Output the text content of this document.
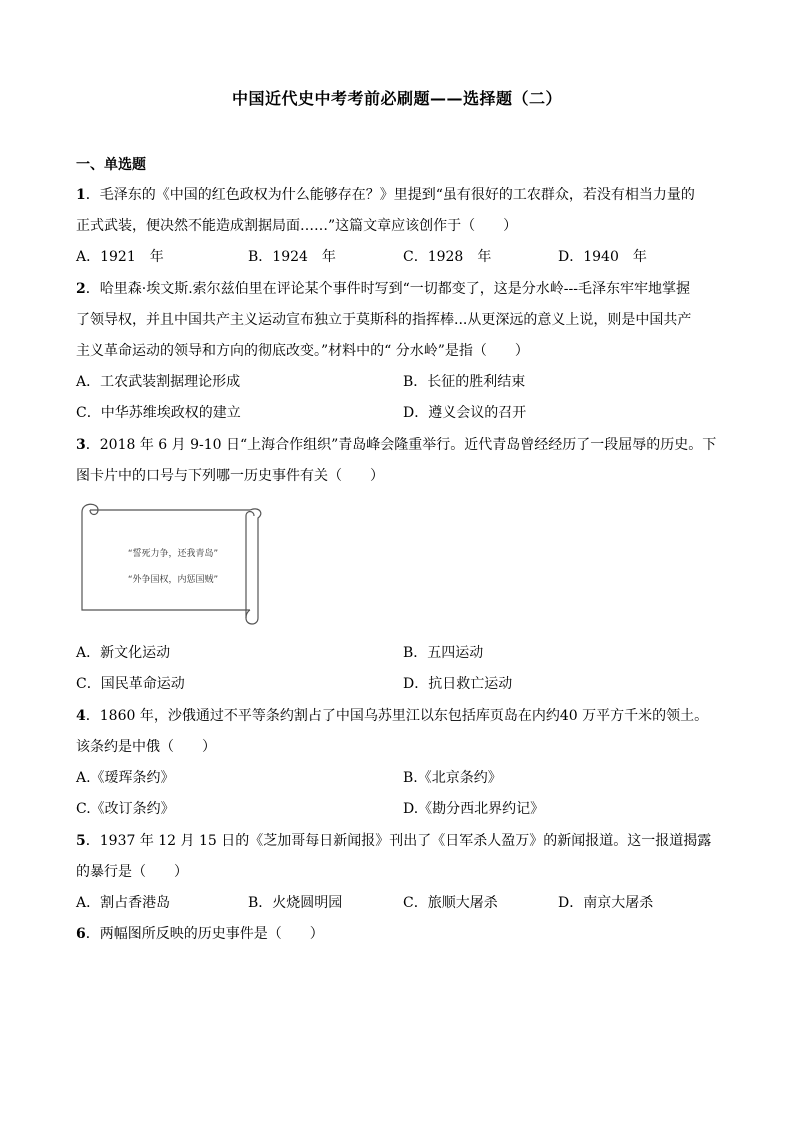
中国近代史中考考前必刷题——选择题（二）
一、单选题
1．毛泽东的《中国的红色政权为什么能够存在？》里提到“虽有很好的工农群众，若没有相当力量的
正式武装，便决然不能造成割据局面……”这篇文章应该创作于（　　）
A．1921　年	B．1924　年	C．1928　年	D．1940　年
2．哈里森·埃文斯.索尔兹伯里在评论某个事件时写到“一切都变了，这是分水岭---毛泽东牢牢地掌握
了领导权，并且中国共产主义运动宣布独立于莫斯科的指挥棒...从更深远的意义上说，则是中国共产
主义革命运动的领导和方向的彻底改变。”材料中的“ 分水岭”是指（　　）
A．工农武装割据理论形成	B．长征的胜利结束
C．中华苏维埃政权的建立	D．遵义会议的召开
3．2018 年 6 月 9-10 日“上海合作组织”青岛峰会隆重举行。近代青岛曾经经历了一段屈辱的历史。下
图卡片中的口号与下列哪一历史事件有关（　　）
“誓死力争，还我青岛”
“外争国权，内惩国贼”
A．新文化运动	B．五四运动
C．国民革命运动	D．抗日救亡运动
4．1860 年，沙俄通过不平等条约割占了中国乌苏里江以东包括库页岛在内约40 万平方千米的领土。
该条约是中俄（　　）
A.《瑷珲条约》	B.《北京条约》
C.《改订条约》	D.《勘分西北界约记》
5．1937 年 12 月 15 日的《芝加哥每日新闻报》刊出了《日军杀人盈万》的新闻报道。这一报道揭露
的暴行是（　　）
A．割占香港岛	B．火烧圆明园	C．旅顺大屠杀	D．南京大屠杀
6．两幅图所反映的历史事件是（　　）
